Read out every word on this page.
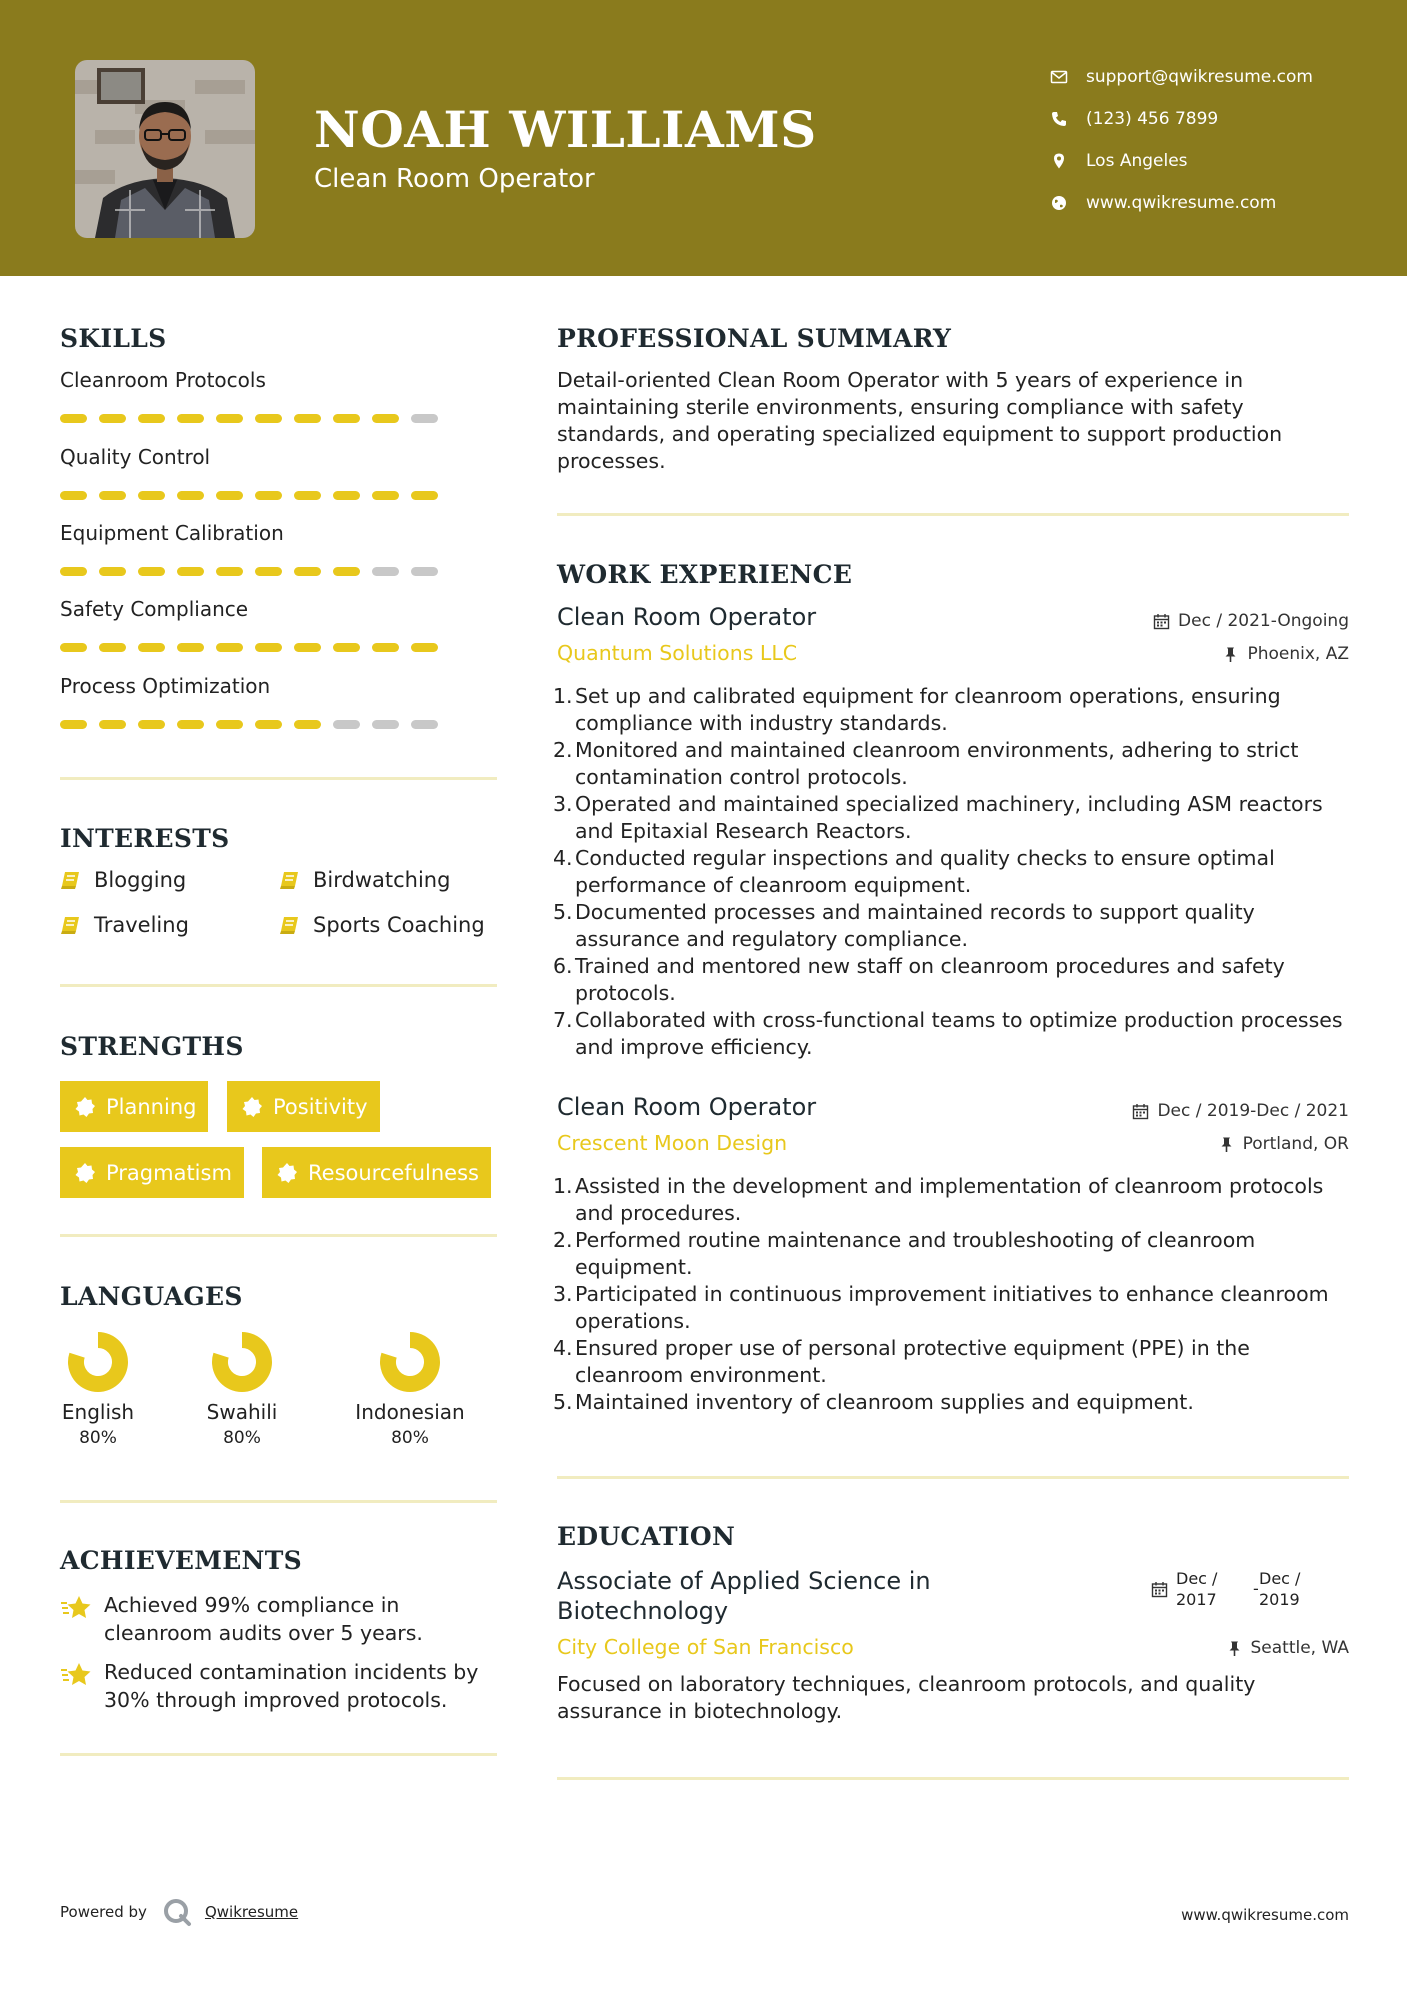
NOAH WILLIAMS
Clean Room Operator
support@qwikresume.com
(123) 456 7899
Los Angeles
www.qwikresume.com
SKILLS
Cleanroom Protocols
Quality Control
Equipment Calibration
Safety Compliance
Process Optimization
INTERESTS
Blogging	Birdwatching
Traveling	Sports Coaching
STRENGTHS
Planning	Positivity
Pragmatism	Resourcefulness
LANGUAGES
English
80%
Swahili
80%
Indonesian
80%
ACHIEVEMENTS
Achieved 99% compliance in cleanroom audits over 5 years.
Reduced contamination incidents by 30% through improved protocols.
PROFESSIONAL SUMMARY
Detail-oriented Clean Room Operator with 5 years of experience in maintaining sterile environments, ensuring compliance with safety standards, and operating specialized equipment to support production processes.
WORK EXPERIENCE
Clean Room Operator	Dec / 2021-Ongoing
Quantum Solutions LLC	Phoenix, AZ
1. Set up and calibrated equipment for cleanroom operations, ensuring compliance with industry standards.
2. Monitored and maintained cleanroom environments, adhering to strict contamination control protocols.
3. Operated and maintained specialized machinery, including ASM reactors and Epitaxial Research Reactors.
4. Conducted regular inspections and quality checks to ensure optimal performance of cleanroom equipment.
5. Documented processes and maintained records to support quality assurance and regulatory compliance.
6. Trained and mentored new staff on cleanroom procedures and safety protocols.
7. Collaborated with cross-functional teams to optimize production processes and improve efficiency.
Clean Room Operator	Dec / 2019-Dec / 2021
Crescent Moon Design	Portland, OR
1. Assisted in the development and implementation of cleanroom protocols and procedures.
2. Performed routine maintenance and troubleshooting of cleanroom equipment.
3. Participated in continuous improvement initiatives to enhance cleanroom operations.
4. Ensured proper use of personal protective equipment (PPE) in the cleanroom environment.
5. Maintained inventory of cleanroom supplies and equipment.
EDUCATION
Associate of Applied Science in Biotechnology
Dec /
2017
-
Dec /
2019
City College of San Francisco	Seattle, WA
Focused on laboratory techniques, cleanroom protocols, and quality assurance in biotechnology.
Powered by	Qwikresume	www.qwikresume.com
